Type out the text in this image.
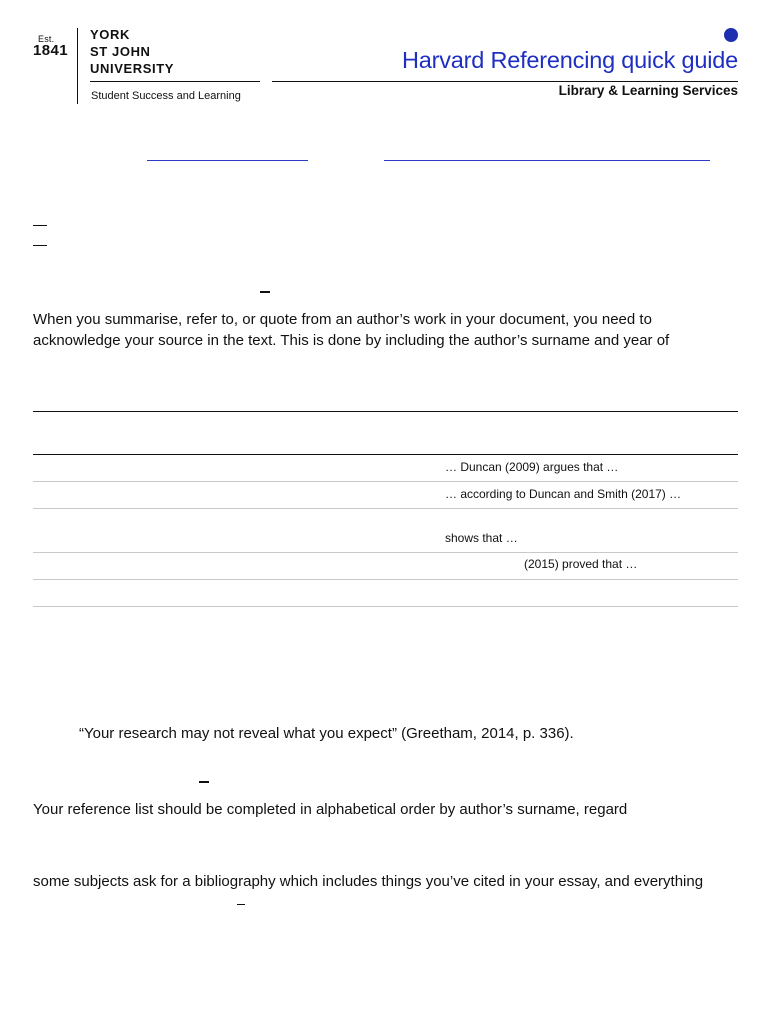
Est.
1841
YORK
ST JOHN
UNIVERSITY
Student Success and Learning
Harvard Referencing quick guide
Library & Learning Services
When you summarise, refer to, or quote from an author’s work in your document, you need to
acknowledge your source in the text. This is done by including the author’s surname and year of
… Duncan (2009) argues that …
… according to Duncan and Smith (2017) …
shows that …
(2015) proved that …
“Your research may not reveal what you expect” (Greetham, 2014, p. 336).
Your reference list should be completed in alphabetical order by author’s surname, regard
some subjects ask for a bibliography which includes things you’ve cited in your essay, and everything
